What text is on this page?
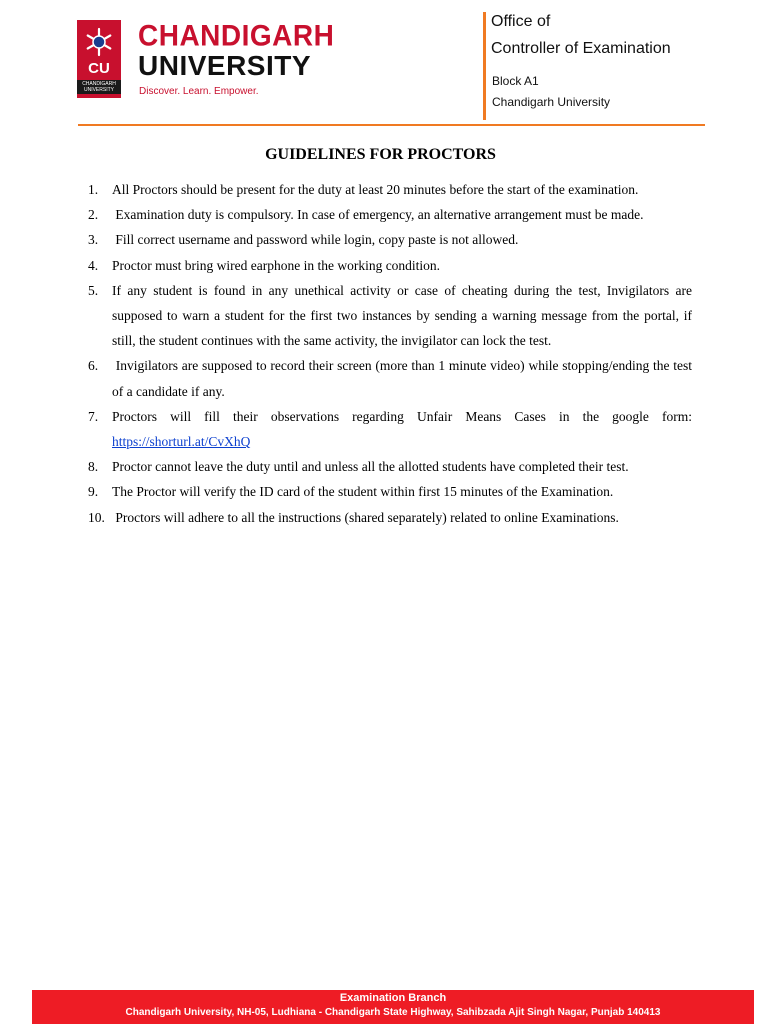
CU
CHANDIGARH UNIVERSITY
CHANDIGARH
UNIVERSITY
Discover. Learn. Empower.
Office of
Controller of Examination
Block A1
Chandigarh University
GUIDELINES FOR PROCTORS
1. All Proctors should be present for the duty at least 20 minutes before the start of the examination.
2. Examination duty is compulsory. In case of emergency, an alternative arrangement must be made.
3. Fill correct username and password while login, copy paste is not allowed.
4. Proctor must bring wired earphone in the working condition.
5. If any student is found in any unethical activity or case of cheating during the test, Invigilators are supposed to warn a student for the first two instances by sending a warning message from the portal, if still, the student continues with the same activity, the invigilator can lock the test.
6. Invigilators are supposed to record their screen (more than 1 minute video) while stopping/ending the test of a candidate if any.
7. Proctors will fill their observations regarding Unfair Means Cases in the google form: https://shorturl.at/CvXhQ
8. Proctor cannot leave the duty until and unless all the allotted students have completed their test.
9. The Proctor will verify the ID card of the student within first 15 minutes of the Examination.
10. Proctors will adhere to all the instructions (shared separately) related to online Examinations.
Examination Branch
Chandigarh University, NH-05, Ludhiana - Chandigarh State Highway, Sahibzada Ajit Singh Nagar, Punjab 140413
